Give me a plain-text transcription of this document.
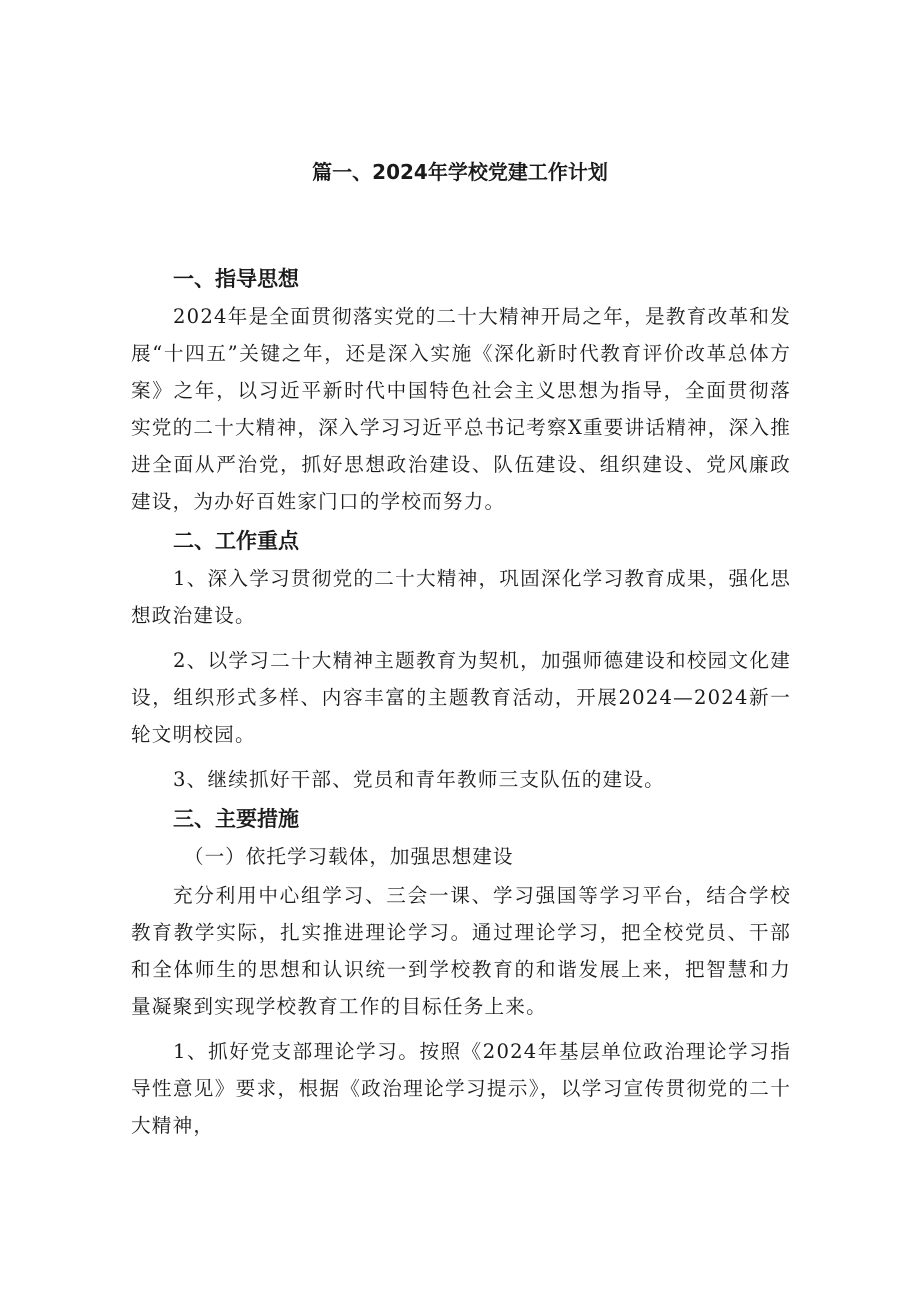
篇一、2024年学校党建工作计划

一、指导思想

2024年是全面贯彻落实党的二十大精神开局之年，是教育改革和发展“十四五”关键之年，还是深入实施《深化新时代教育评价改革总体方案》之年，以习近平新时代中国特色社会主义思想为指导，全面贯彻落实党的二十大精神，深入学习习近平总书记考察X重要讲话精神，深入推进全面从严治党，抓好思想政治建设、队伍建设、组织建设、党风廉政建设，为办好百姓家门口的学校而努力。

二、工作重点

1、深入学习贯彻党的二十大精神，巩固深化学习教育成果，强化思想政治建设。

2、以学习二十大精神主题教育为契机，加强师德建设和校园文化建设，组织形式多样、内容丰富的主题教育活动，开展2024—2024新一轮文明校园。

3、继续抓好干部、党员和青年教师三支队伍的建设。

三、主要措施

（一）依托学习载体，加强思想建设

充分利用中心组学习、三会一课、学习强国等学习平台，结合学校教育教学实际，扎实推进理论学习。通过理论学习，把全校党员、干部和全体师生的思想和认识统一到学校教育的和谐发展上来，把智慧和力量凝聚到实现学校教育工作的目标任务上来。

1、抓好党支部理论学习。按照《2024年基层单位政治理论学习指导性意见》要求，根据《政治理论学习提示》，以学习宣传贯彻党的二十大精神，
